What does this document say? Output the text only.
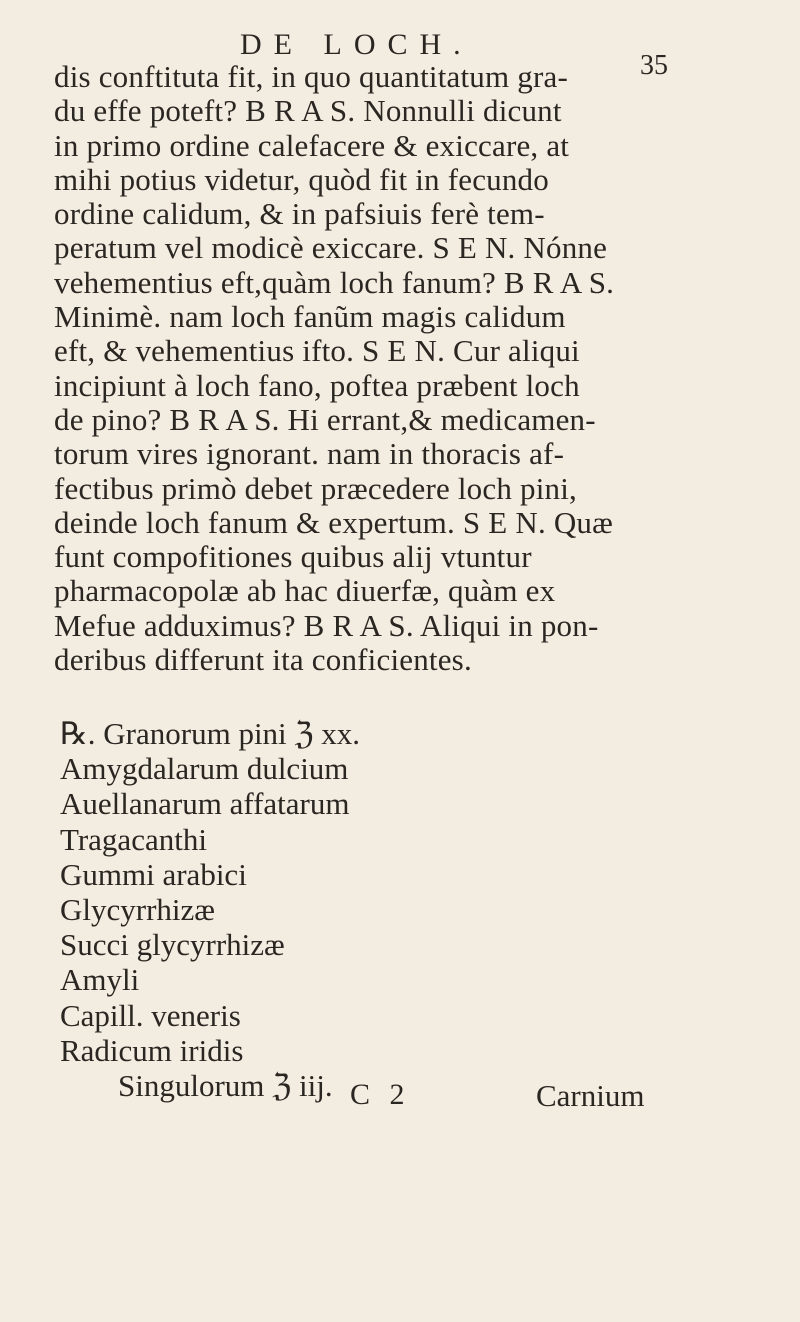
DE LOCH.
35
dis conftituta fit, in quo quantitatum gra-
du effe poteft? B R A S. Nonnulli dicunt
in primo ordine calefacere & exiccare, at
mihi potius videtur, quòd fit in fecundo
ordine calidum, & in pafsiuis ferè tem-
peratum vel modicè exiccare. S E N. Nónne
vehementius eft,quàm loch fanum? B R A S.
Minimè. nam loch fanũm magis calidum
eft, & vehementius ifto. S E N. Cur aliqui
incipiunt à loch fano, poftea præbent loch
de pino? B R A S. Hi errant,& medicamen-
torum vires ignorant. nam in thoracis af-
fectibus primò debet præcedere loch pini,
deinde loch fanum & expertum. S E N. Quæ
funt compofitiones quibus alij vtuntur
pharmacopolæ ab hac diuerfæ, quàm ex
Mefue adduximus? B R A S. Aliqui in pon-
deribus differunt ita conficientes.
℞. Granorum pini ℨ xx.
Amygdalarum dulcium
Auellanarum affatarum
Tragacanthi
Gummi arabici
Glycyrrhizæ
Succi glycyrrhizæ
Amyli
Capill. veneris
Radicum iridis
Singulorum ℨ iij. C 2	Carnium
